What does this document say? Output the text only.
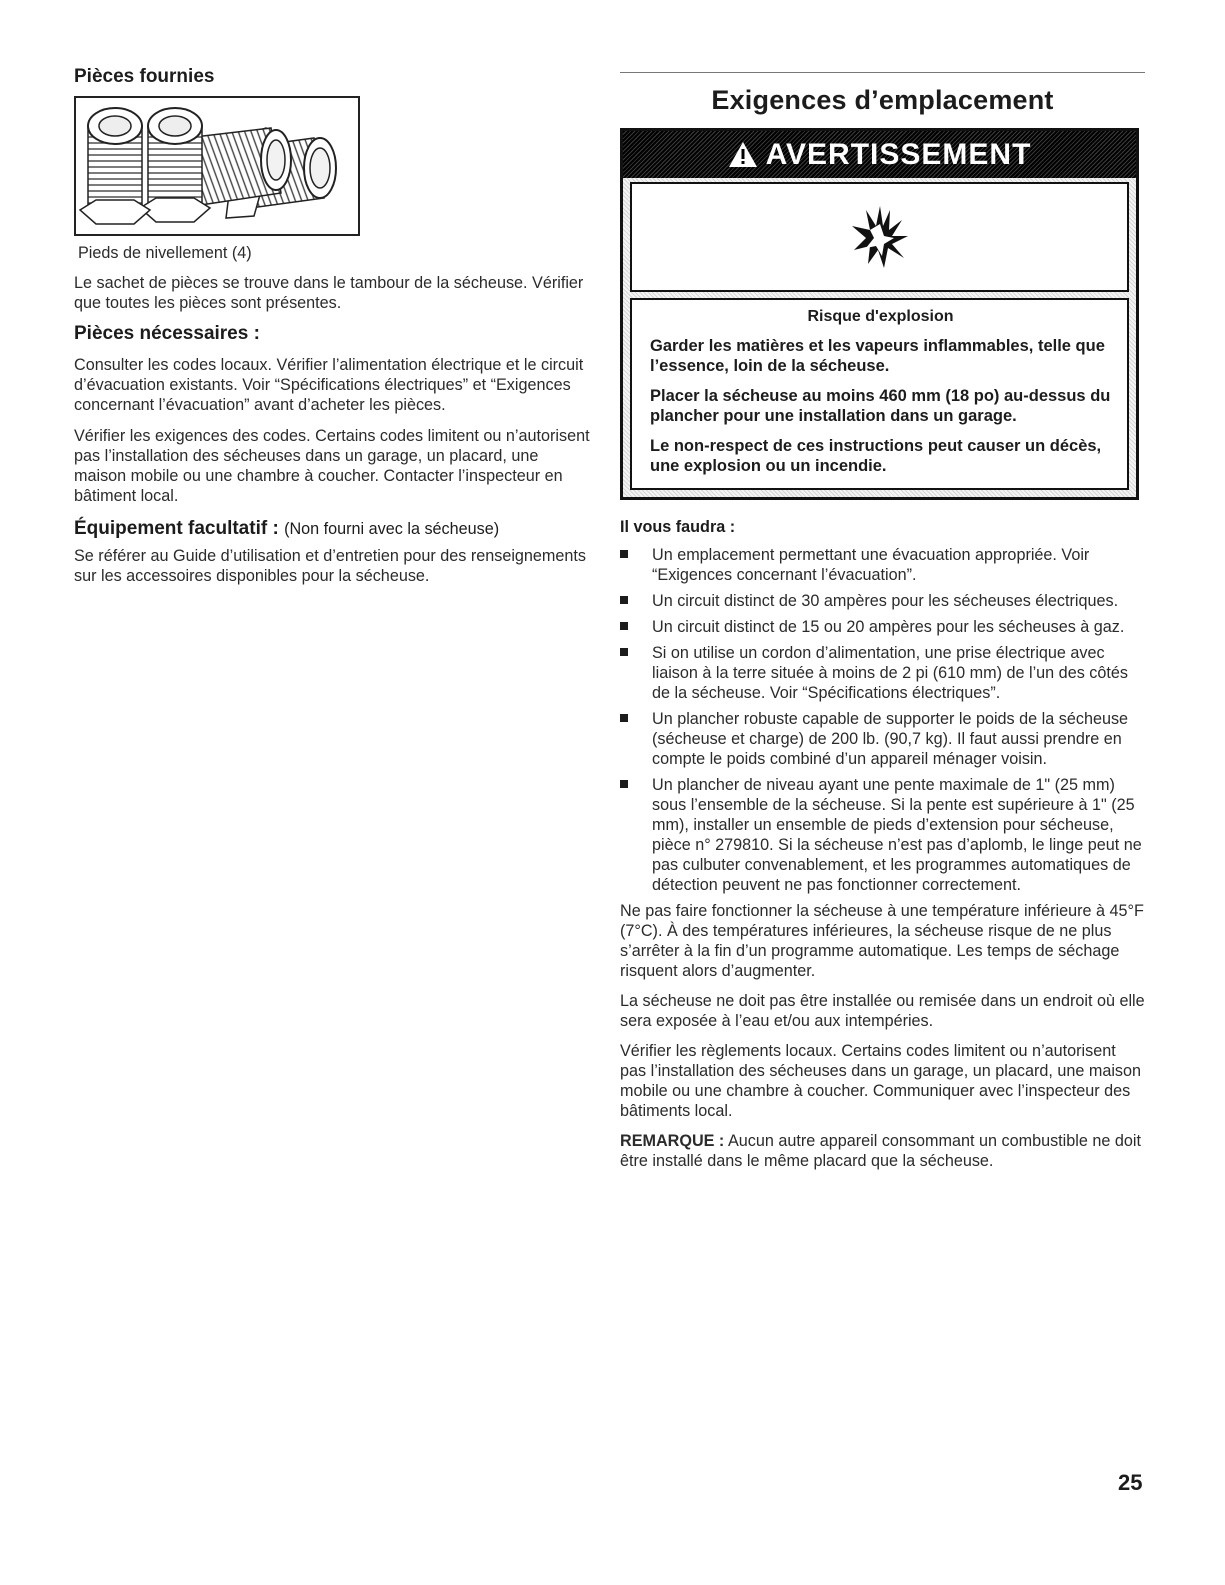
Pièces fournies

Pieds de nivellement (4)

Le sachet de pièces se trouve dans le tambour de la sécheuse. Vérifier que toutes les pièces sont présentes.

Pièces nécessaires :

Consulter les codes locaux. Vérifier l’alimentation électrique et le circuit d’évacuation existants. Voir “Spécifications électriques” et “Exigences concernant l’évacuation” avant d’acheter les pièces.

Vérifier les exigences des codes. Certains codes limitent ou n’autorisent pas l’installation des sécheuses dans un garage, un placard, une maison mobile ou une chambre à coucher. Contacter l’inspecteur en bâtiment local.

Équipement facultatif : (Non fourni avec la sécheuse)

Se référer au Guide d’utilisation et d’entretien pour des renseignements sur les accessoires disponibles pour la sécheuse.

Exigences d’emplacement
AVERTISSEMENT
Risque d'explosion
Garder les matières et les vapeurs inflammables, telle que l’essence, loin de la sécheuse.
Placer la sécheuse au moins 460 mm (18 po) au-dessus du plancher pour une installation dans un garage.
Le non-respect de ces instructions peut causer un décès, une explosion ou un incendie.
Il vous faudra :
Un emplacement permettant une évacuation appropriée. Voir “Exigences concernant l’évacuation”.
Un circuit distinct de 30 ampères pour les sécheuses électriques.
Un circuit distinct de 15 ou 20 ampères pour les sécheuses à gaz.
Si on utilise un cordon d’alimentation, une prise électrique avec liaison à la terre située à moins de 2 pi (610 mm) de l’un des côtés de la sécheuse. Voir “Spécifications électriques”.
Un plancher robuste capable de supporter le poids de la sécheuse (sécheuse et charge) de 200 lb. (90,7 kg). Il faut aussi prendre en compte le poids combiné d’un appareil ménager voisin.
Un plancher de niveau ayant une pente maximale de 1" (25 mm) sous l’ensemble de la sécheuse. Si la pente est supérieure à 1" (25 mm), installer un ensemble de pieds d’extension pour sécheuse, pièce n° 279810. Si la sécheuse n’est pas d’aplomb, le linge peut ne pas culbuter convenablement, et les programmes automatiques de détection peuvent ne pas fonctionner correctement.

Ne pas faire fonctionner la sécheuse à une température inférieure à 45°F (7°C). À des températures inférieures, la sécheuse risque de ne plus s’arrêter à la fin d’un programme automatique. Les temps de séchage risquent alors d’augmenter.

La sécheuse ne doit pas être installée ou remisée dans un endroit où elle sera exposée à l’eau et/ou aux intempéries.

Vérifier les règlements locaux. Certains codes limitent ou n’autorisent pas l’installation des sécheuses dans un garage, un placard, une maison mobile ou une chambre à coucher. Communiquer avec l’inspecteur des bâtiments local.

REMARQUE : Aucun autre appareil consommant un combustible ne doit être installé dans le même placard que la sécheuse.

25
